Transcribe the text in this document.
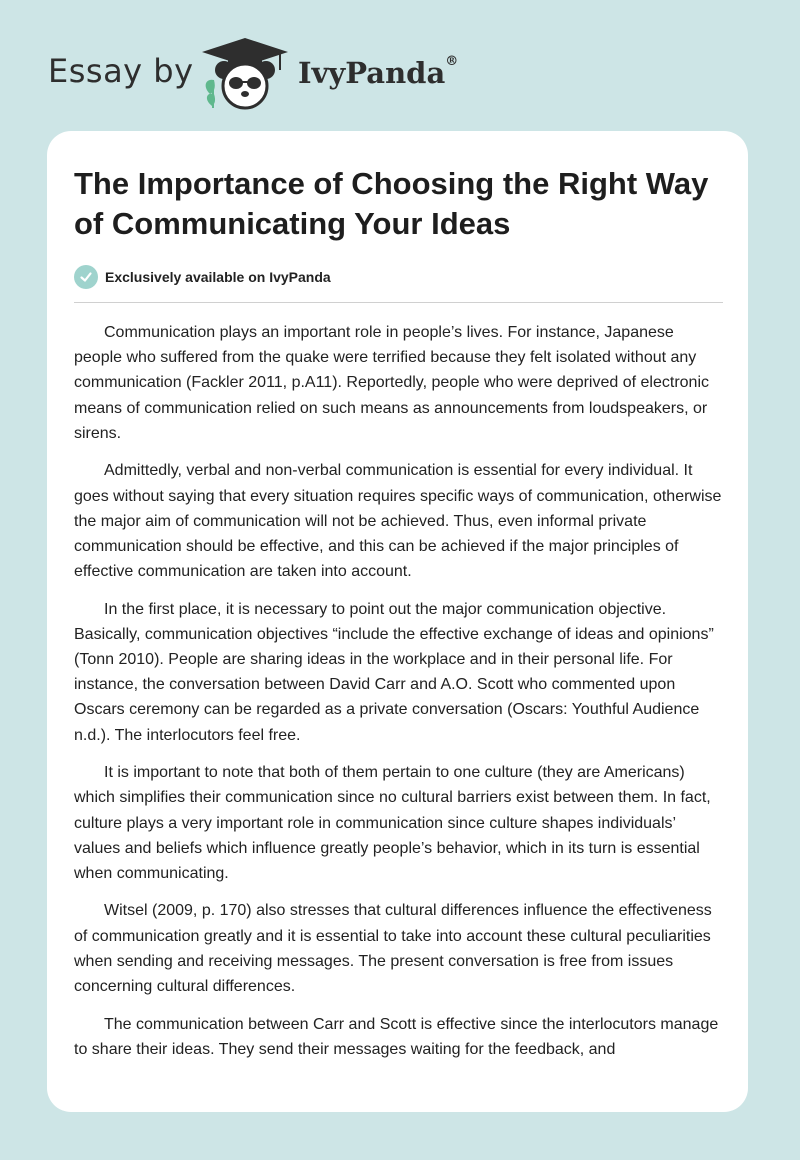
Essay by	IvyPanda®
The Importance of Choosing the Right Way of Communicating Your Ideas
Exclusively available on IvyPanda

Communication plays an important role in people’s lives. For instance, Japanese people who suffered from the quake were terrified because they felt isolated without any communication (Fackler 2011, p.A11). Reportedly, people who were deprived of electronic means of communication relied on such means as announcements from loudspeakers, or sirens.

Admittedly, verbal and non-verbal communication is essential for every individual. It goes without saying that every situation requires specific ways of communication, otherwise the major aim of communication will not be achieved. Thus, even informal private communication should be effective, and this can be achieved if the major principles of effective communication are taken into account.

In the first place, it is necessary to point out the major communication objective. Basically, communication objectives “include the effective exchange of ideas and opinions” (Tonn 2010). People are sharing ideas in the workplace and in their personal life. For instance, the conversation between David Carr and A.O. Scott who commented upon Oscars ceremony can be regarded as a private conversation (Oscars: Youthful Audience n.d.). The interlocutors feel free.

It is important to note that both of them pertain to one culture (they are Americans) which simplifies their communication since no cultural barriers exist between them. In fact, culture plays a very important role in communication since culture shapes individuals’ values and beliefs which influence greatly people’s behavior, which in its turn is essential when communicating.

Witsel (2009, p. 170) also stresses that cultural differences influence the effectiveness of communication greatly and it is essential to take into account these cultural peculiarities when sending and receiving messages. The present conversation is free from issues concerning cultural differences.

The communication between Carr and Scott is effective since the interlocutors manage to share their ideas. They send their messages waiting for the feedback, and
